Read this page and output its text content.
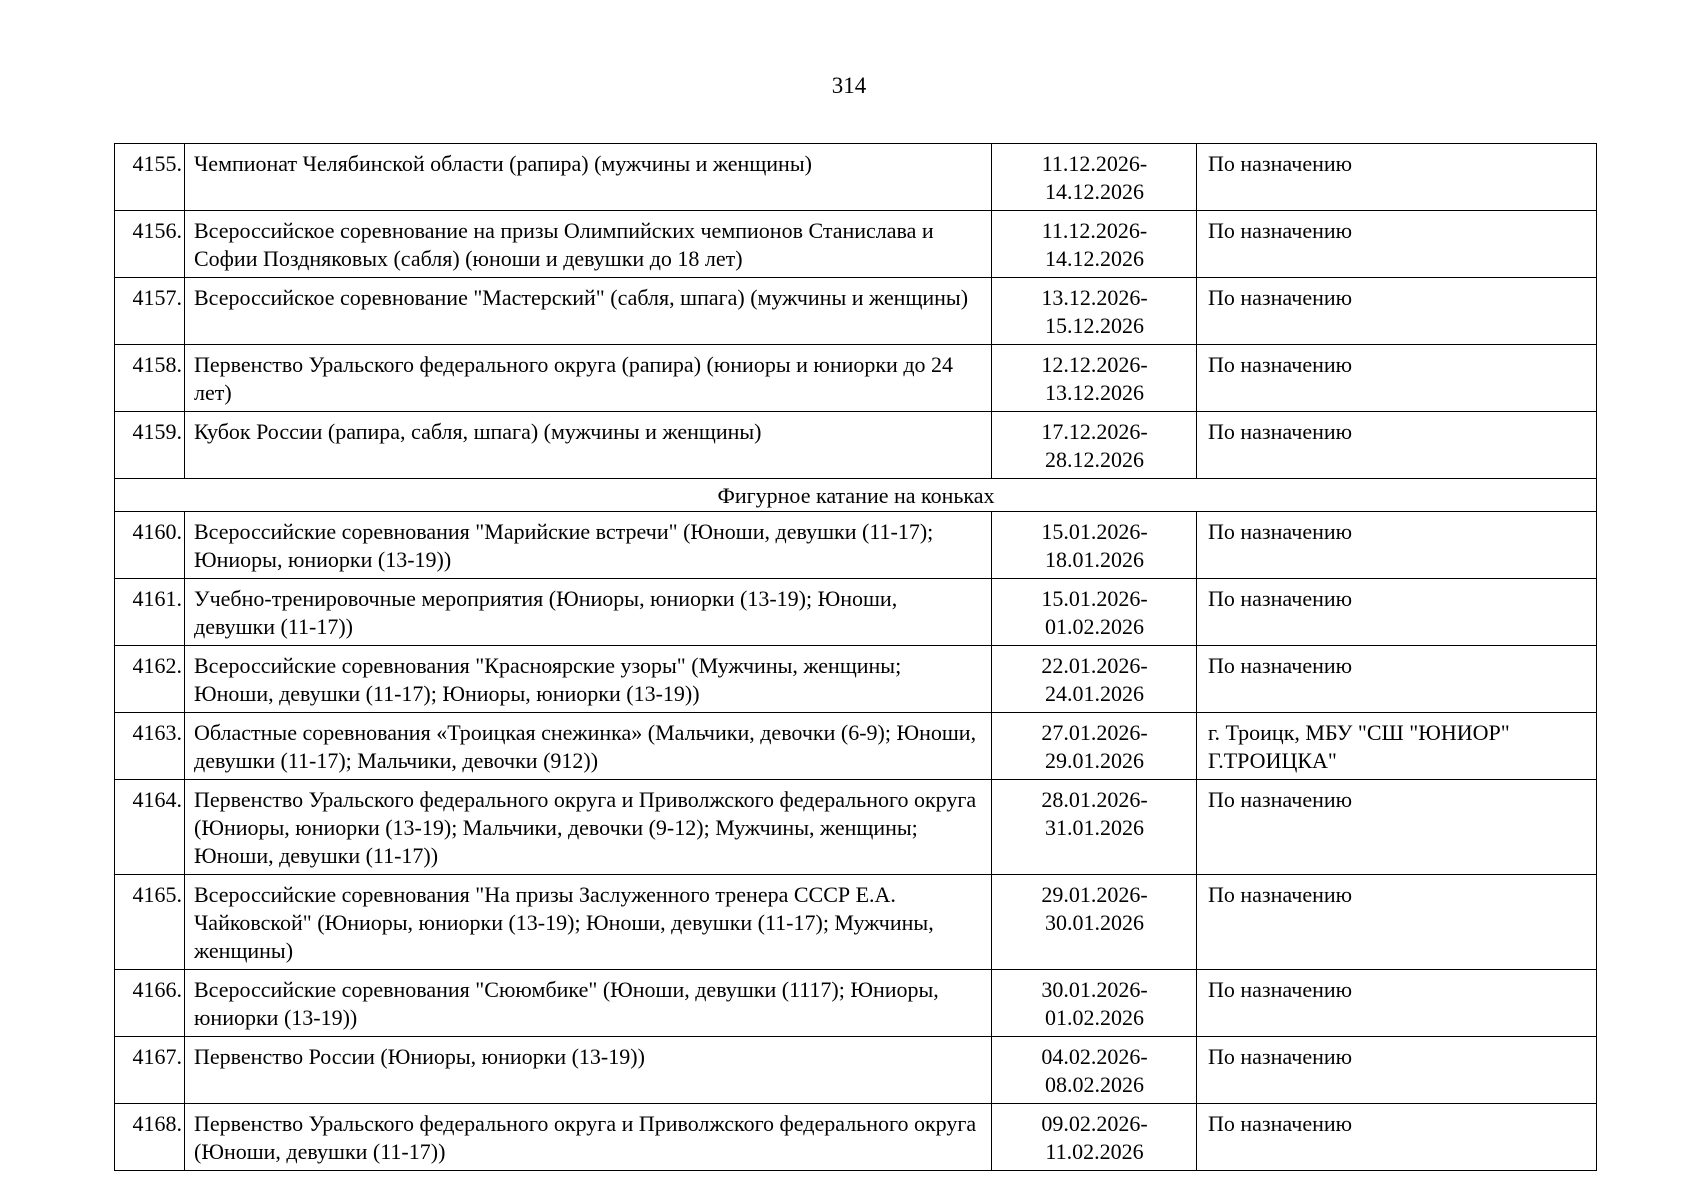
314
4155.	Чемпионат Челябинской области (рапира) (мужчины и женщины)	11.12.2026-
14.12.2026	По назначению
4156.	Всероссийское соревнование на призы Олимпийских чемпионов Станислава и Софии Поздняковых (сабля) (юноши и девушки до 18 лет)	11.12.2026-
14.12.2026	По назначению
4157.	Всероссийское соревнование "Мастерский" (сабля, шпага) (мужчины и женщины)	13.12.2026-
15.12.2026	По назначению
4158.	Первенство Уральского федерального округа (рапира) (юниоры и юниорки до 24 лет)	12.12.2026-
13.12.2026	По назначению
4159.	Кубок России (рапира, сабля, шпага) (мужчины и женщины)	17.12.2026-
28.12.2026	По назначению
Фигурное катание на коньках			
4160.	Всероссийские соревнования "Марийские встречи" (Юноши, девушки (11-17); Юниоры, юниорки (13-19))	15.01.2026-
18.01.2026	По назначению
4161.	Учебно-тренировочные мероприятия (Юниоры, юниорки (13-19); Юноши, девушки (11-17))	15.01.2026-
01.02.2026	По назначению
4162.	Всероссийские соревнования "Красноярские узоры" (Мужчины, женщины; Юноши, девушки (11-17); Юниоры, юниорки (13-19))	22.01.2026-
24.01.2026	По назначению
4163.	Областные соревнования «Троицкая снежинка» (Мальчики, девочки (6-9); Юноши, девушки (11-17); Мальчики, девочки (912))	27.01.2026-
29.01.2026	г. Троицк, МБУ "СШ "ЮНИОР" Г.ТРОИЦКА"
4164.	Первенство Уральского федерального округа и Приволжского федерального округа (Юниоры, юниорки (13-19); Мальчики, девочки (9-12); Мужчины, женщины; Юноши, девушки (11-17))	28.01.2026-
31.01.2026	По назначению
4165.	Всероссийские соревнования "На призы Заслуженного тренера СССР Е.А. Чайковской" (Юниоры, юниорки (13-19); Юноши, девушки (11-17); Мужчины, женщины)	29.01.2026-
30.01.2026	По назначению
4166.	Всероссийские соревнования "Сююмбике" (Юноши, девушки (1117); Юниоры, юниорки (13-19))	30.01.2026-
01.02.2026	По назначению
4167.	Первенство России (Юниоры, юниорки (13-19))	04.02.2026-
08.02.2026	По назначению
4168.	Первенство Уральского федерального округа и Приволжского федерального округа (Юноши, девушки (11-17))	09.02.2026-
11.02.2026	По назначению
